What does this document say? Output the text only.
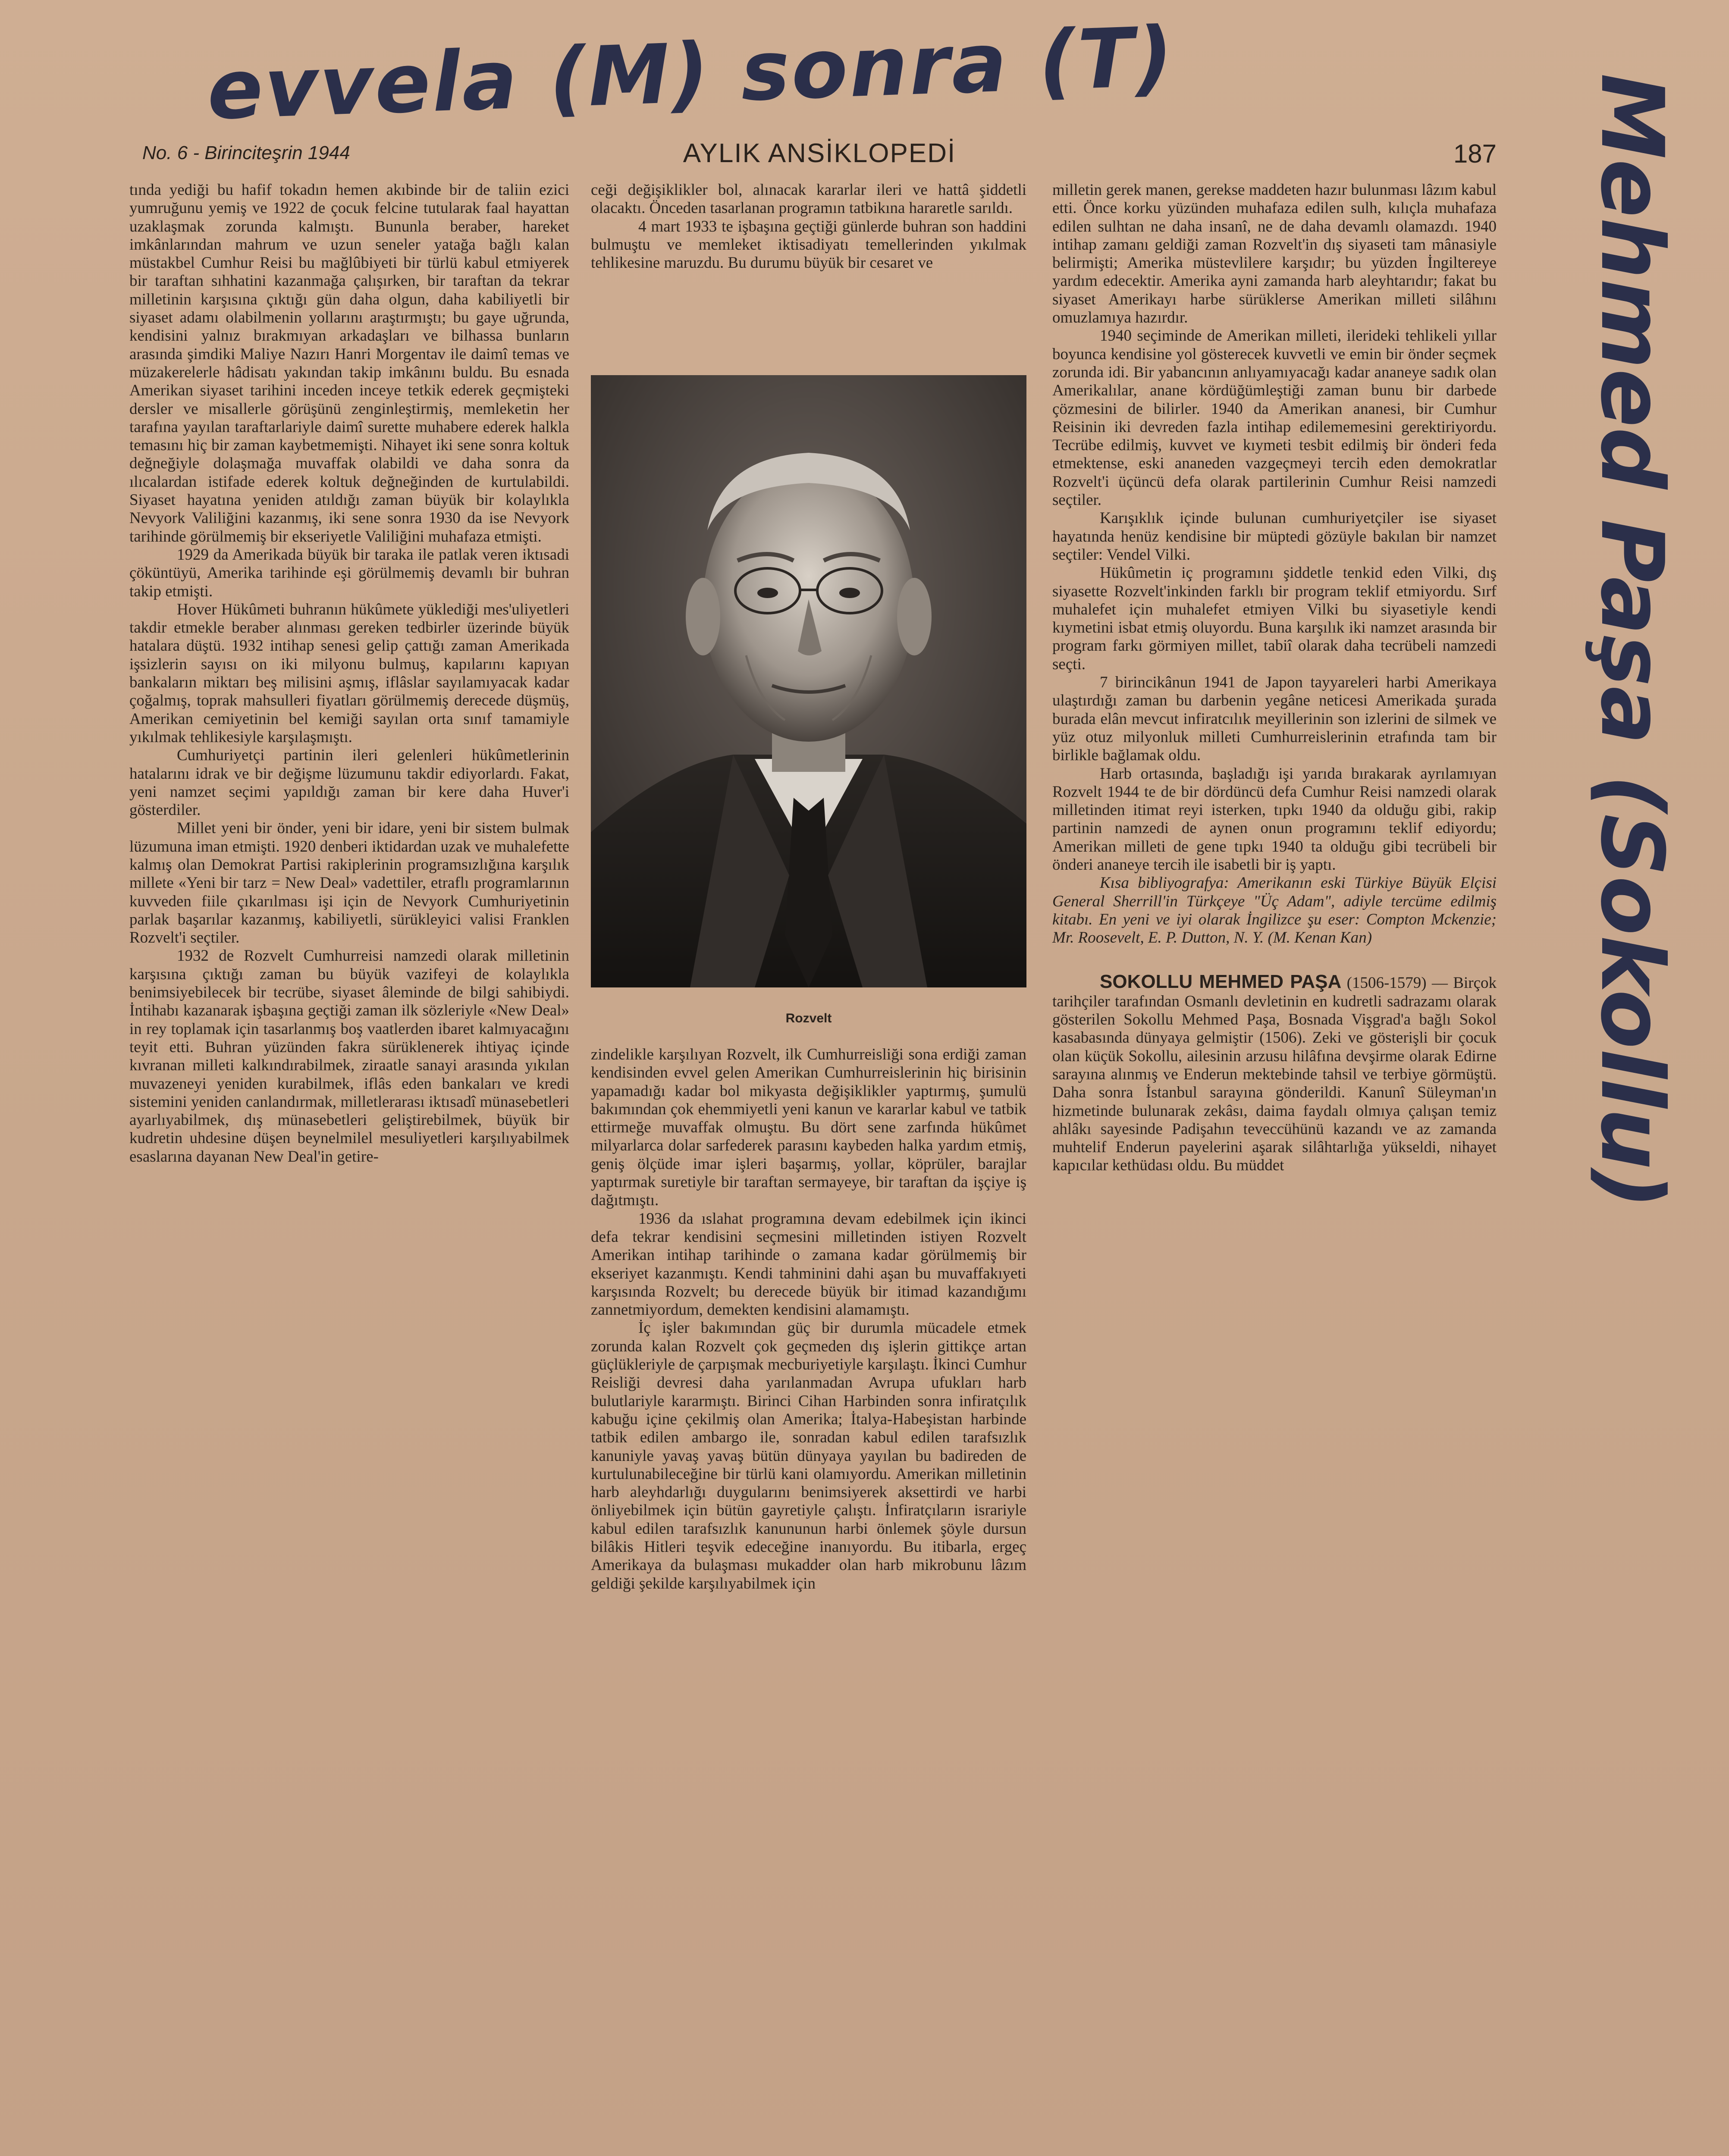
evvela (M) sonra (T)	Mehmed Paşa (Sokollu)
No. 6 - Birinciteşrin 1944	AYLIK ANSİKLOPEDİ	187

tında yediği bu hafif tokadın hemen akıbinde bir de taliin ezici yumruğunu yemiş ve 1922 de çocuk felcine tutularak faal hayattan uzaklaşmak zorunda kalmıştı. Bununla beraber, hareket imkânlarından mahrum ve uzun seneler yatağa bağlı kalan müstakbel Cumhur Reisi bu mağlûbiyeti bir türlü kabul etmiyerek bir taraftan sıhhatini kazanmağa çalışırken, bir taraftan da tekrar milletinin karşısına çıktığı gün daha olgun, daha kabiliyetli bir siyaset adamı olabilmenin yollarını araştırmıştı; bu gaye uğrunda, kendisini yalnız bırakmıyan arkadaşları ve bilhassa bunların arasında şimdiki Maliye Nazırı Hanri Morgentav ile daimî temas ve müzakerelerle hâdisatı yakından takip imkânını buldu. Bu esnada Amerikan siyaset tarihini inceden inceye tetkik ederek geçmişteki dersler ve misallerle görüşünü zenginleştirmiş, memleketin her tarafına yayılan taraftarlariyle daimî surette muhabere ederek halkla temasını hiç bir zaman kaybetmemişti. Nihayet iki sene sonra koltuk değneğiyle dolaşmağa muvaffak olabildi ve daha sonra da ılıcalardan istifade ederek koltuk değneğinden de kurtulabildi. Siyaset hayatına yeniden atıldığı zaman büyük bir kolaylıkla Nevyork Valiliğini kazanmış, iki sene sonra 1930 da ise Nevyork tarihinde görülmemiş bir ekseriyetle Valiliğini muhafaza etmişti.

1929 da Amerikada büyük bir taraka ile patlak veren iktısadi çöküntüyü, Amerika tarihinde eşi görülmemiş devamlı bir buhran takip etmişti.

Hover Hükûmeti buhranın hükûmete yüklediği mes'uliyetleri takdir etmekle beraber alınması gereken tedbirler üzerinde büyük hatalara düştü. 1932 intihap senesi gelip çattığı zaman Amerikada işsizlerin sayısı on iki milyonu bulmuş, kapılarını kapıyan bankaların miktarı beş milisini aşmış, iflâslar sayılamıyacak kadar çoğalmış, toprak mahsulleri fiyatları görülmemiş derecede düşmüş, Amerikan cemiyetinin bel kemiği sayılan orta sınıf tamamiyle yıkılmak tehlikesiyle karşılaşmıştı.

Cumhuriyetçi partinin ileri gelenleri hükûmetlerinin hatalarını idrak ve bir değişme lüzumunu takdir ediyorlardı. Fakat, yeni namzet seçimi yapıldığı zaman bir kere daha Huver'i gösterdiler.

Millet yeni bir önder, yeni bir idare, yeni bir sistem bulmak lüzumuna iman etmişti. 1920 denberi iktidardan uzak ve muhalefette kalmış olan Demokrat Partisi rakiplerinin programsızlığına karşılık millete «Yeni bir tarz = New Deal» vadettiler, etraflı programlarının kuvveden fiile çıkarılması işi için de Nevyork Cumhuriyetinin parlak başarılar kazanmış, kabiliyetli, sürükleyici valisi Franklen Rozvelt'i seçtiler.

1932 de Rozvelt Cumhurreisi namzedi olarak milletinin karşısına çıktığı zaman bu büyük vazifeyi de kolaylıkla benimsiyebilecek bir tecrübe, siyaset âleminde de bilgi sahibiydi. İntihabı kazanarak işbaşına geçtiği zaman ilk sözleriyle «New Deal» in rey toplamak için tasarlanmış boş vaatlerden ibaret kalmıyacağını teyit etti. Buhran yüzünden fakra sürüklenerek ihtiyaç içinde kıvranan milleti kalkındırabilmek, ziraatle sanayi arasında yıkılan muvazeneyi yeniden kurabilmek, iflâs eden bankaları ve kredi sistemini yeniden canlandırmak, milletlerarası iktısadî münasebetleri ayarlıyabilmek, dış münasebetleri geliştirebilmek, büyük bir kudretin uhdesine düşen beynelmilel mesuliyetleri karşılıyabilmek esaslarına dayanan New Deal'in getire-

ceği değişiklikler bol, alınacak kararlar ileri ve hattâ şiddetli olacaktı. Önceden tasarlanan programın tatbikına hararetle sarıldı.

4 mart 1933 te işbaşına geçtiği günlerde buhran son haddini bulmuştu ve memleket iktisadiyatı temellerinden yıkılmak tehlikesine maruzdu. Bu durumu büyük bir cesaret ve

Rozvelt

zindelikle karşılıyan Rozvelt, ilk Cumhurreisliği sona erdiği zaman kendisinden evvel gelen Amerikan Cumhurreislerinin hiç birisinin yapamadığı kadar bol mikyasta değişiklikler yaptırmış, şumulü bakımından çok ehemmiyetli yeni kanun ve kararlar kabul ve tatbik ettirmeğe muvaffak olmuştu. Bu dört sene zarfında hükûmet milyarlarca dolar sarfederek parasını kaybeden halka yardım etmiş, geniş ölçüde imar işleri başarmış, yollar, köprüler, barajlar yaptırmak suretiyle bir taraftan sermayeye, bir taraftan da işçiye iş dağıtmıştı.

1936 da ıslahat programına devam edebilmek için ikinci defa tekrar kendisini seçmesini milletinden istiyen Rozvelt Amerikan intihap tarihinde o zamana kadar görülmemiş bir ekseriyet kazanmıştı. Kendi tahminini dahi aşan bu muvaffakıyeti karşısında Rozvelt; bu derecede büyük bir itimad kazandığımı zannetmiyordum, demekten kendisini alamamıştı.

İç işler bakımından güç bir durumla mücadele etmek zorunda kalan Rozvelt çok geçmeden dış işlerin gittikçe artan güçlükleriyle de çarpışmak mecburiyetiyle karşılaştı. İkinci Cumhur Reisliği devresi daha yarılanmadan Avrupa ufukları harb bulutlariyle kararmıştı. Birinci Cihan Harbinden sonra infiratçılık kabuğu içine çekilmiş olan Amerika; İtalya-Habeşistan harbinde tatbik edilen ambargo ile, sonradan kabul edilen tarafsızlık kanuniyle yavaş yavaş bütün dünyaya yayılan bu badireden de kurtulunabileceğine bir türlü kani olamıyordu. Amerikan milletinin harb aleyhdarlığı duygularını benimsiyerek aksettirdi ve harbi önliyebilmek için bütün gayretiyle çalıştı. İnfiratçıların israriyle kabul edilen tarafsızlık kanununun harbi önlemek şöyle dursun bilâkis Hitleri teşvik edeceğine inanıyordu. Bu itibarla, ergeç Amerikaya da bulaşması mukadder olan harb mikrobunu lâzım geldiği şekilde karşılıyabilmek için

milletin gerek manen, gerekse maddeten hazır bulunması lâzım kabul etti. Önce korku yüzünden muhafaza edilen sulh, kılıçla muhafaza edilen sulhtan ne daha insanî, ne de daha devamlı olamazdı. 1940 intihap zamanı geldiği zaman Rozvelt'in dış siyaseti tam mânasiyle belirmişti; Amerika müstevlilere karşıdır; bu yüzden İngiltereye yardım edecektir. Amerika ayni zamanda harb aleyhtarıdır; fakat bu siyaset Amerikayı harbe sürüklerse Amerikan milleti silâhını omuzlamıya hazırdır.

1940 seçiminde de Amerikan milleti, ilerideki tehlikeli yıllar boyunca kendisine yol gösterecek kuvvetli ve emin bir önder seçmek zorunda idi. Bir yabancının anlıyamıyacağı kadar ananeye sadık olan Amerikalılar, anane kördüğümleştiği zaman bunu bir darbede çözmesini de bilirler. 1940 da Amerikan ananesi, bir Cumhur Reisinin iki devreden fazla intihap edilememesini gerektiriyordu. Tecrübe edilmiş, kuvvet ve kıymeti tesbit edilmiş bir önderi feda etmektense, eski ananeden vazgeçmeyi tercih eden demokratlar Rozvelt'i üçüncü defa olarak partilerinin Cumhur Reisi namzedi seçtiler.

Karışıklık içinde bulunan cumhuriyetçiler ise siyaset hayatında henüz kendisine bir müptedi gözüyle bakılan bir namzet seçtiler: Vendel Vilki.

Hükûmetin iç programını şiddetle tenkid eden Vilki, dış siyasette Rozvelt'inkinden farklı bir program teklif etmiyordu. Sırf muhalefet için muhalefet etmiyen Vilki bu siyasetiyle kendi kıymetini isbat etmiş oluyordu. Buna karşılık iki namzet arasında bir program farkı görmiyen millet, tabiî olarak daha tecrübeli namzedi seçti.

7 birincikânun 1941 de Japon tayyareleri harbi Amerikaya ulaştırdığı zaman bu darbenin yegâne neticesi Amerikada şurada burada elân mevcut infiratcılık meyillerinin son izlerini de silmek ve yüz otuz milyonluk milleti Cumhurreislerinin etrafında tam bir birlikle bağlamak oldu.

Harb ortasında, başladığı işi yarıda bırakarak ayrılamıyan Rozvelt 1944 te de bir dördüncü defa Cumhur Reisi namzedi olarak milletinden itimat reyi isterken, tıpkı 1940 da olduğu gibi, rakip partinin namzedi de aynen onun programını teklif ediyordu; Amerikan milleti de gene tıpkı 1940 ta olduğu gibi tecrübeli bir önderi ananeye tercih ile isabetli bir iş yaptı.

Kısa bibliyografya: Amerikanın eski Türkiye Büyük Elçisi General Sherrill'in Türkçeye "Üç Adam", adiyle tercüme edilmiş kitabı. En yeni ve iyi olarak İngilizce şu eser: Compton Mckenzie; Mr. Roosevelt, E. P. Dutton, N. Y. (M. Kenan Kan)

SOKOLLU MEHMED PAŞA (1506-1579) — Birçok tarihçiler tarafından Osmanlı devletinin en kudretli sadrazamı olarak gösterilen Sokollu Mehmed Paşa, Bosnada Vişgrad'a bağlı Sokol kasabasında dünyaya gelmiştir (1506). Zeki ve gösterişli bir çocuk olan küçük Sokollu, ailesinin arzusu hilâfına devşirme olarak Edirne sarayına alınmış ve Enderun mektebinde tahsil ve terbiye görmüştü. Daha sonra İstanbul sarayına gönderildi. Kanunî Süleyman'ın hizmetinde bulunarak zekâsı, daima faydalı olmıya çalışan temiz ahlâkı sayesinde Padişahın teveccühünü kazandı ve az zamanda muhtelif Enderun payelerini aşarak silâhtarlığa yükseldi, nihayet kapıcılar kethüdası oldu. Bu müddet
